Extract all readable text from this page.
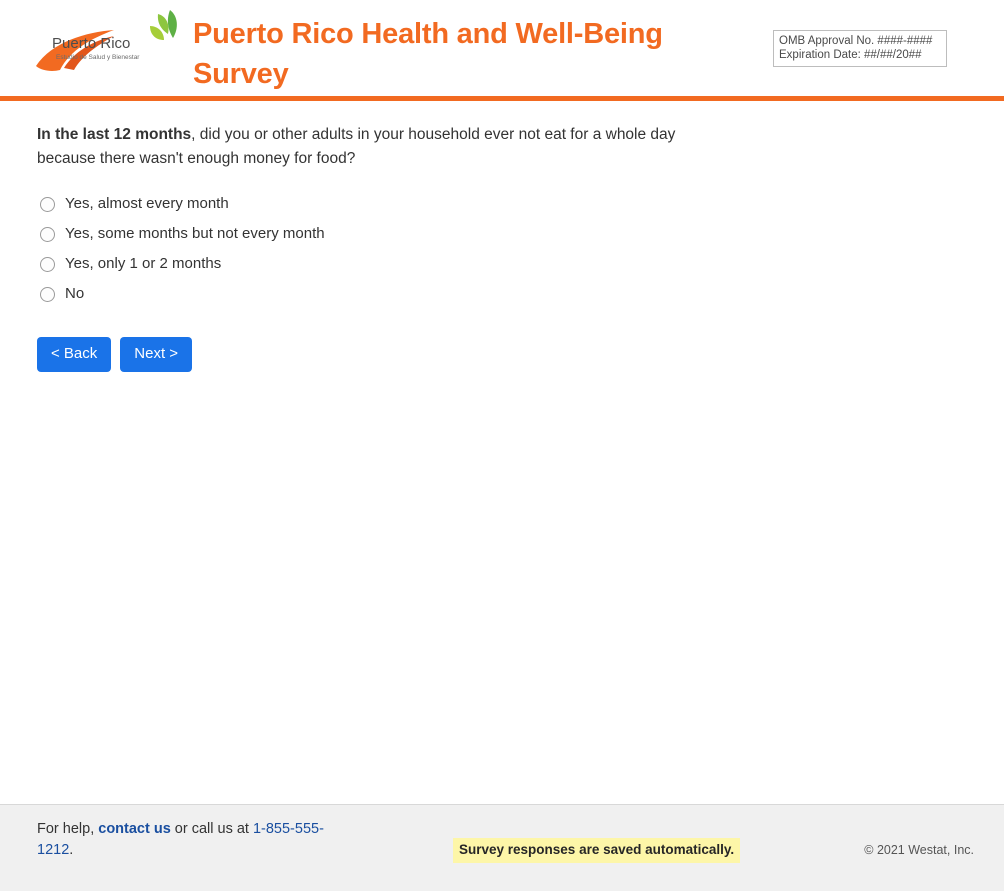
Puerto Rico
Estudio de Salud y Bienestar
Puerto Rico Health and Well-Being Survey
OMB Approval No. ####-####
Expiration Date: ##/##/20##
In the last 12 months, did you or other adults in your household ever not eat for a whole day because there wasn't enough money for food?
Yes, almost every month
Yes, some months but not every month
Yes, only 1 or 2 months
No
< Back	Next >
For help, contact us or call us at 1-855-555-1212.	Survey responses are saved automatically.	© 2021 Westat, Inc.
